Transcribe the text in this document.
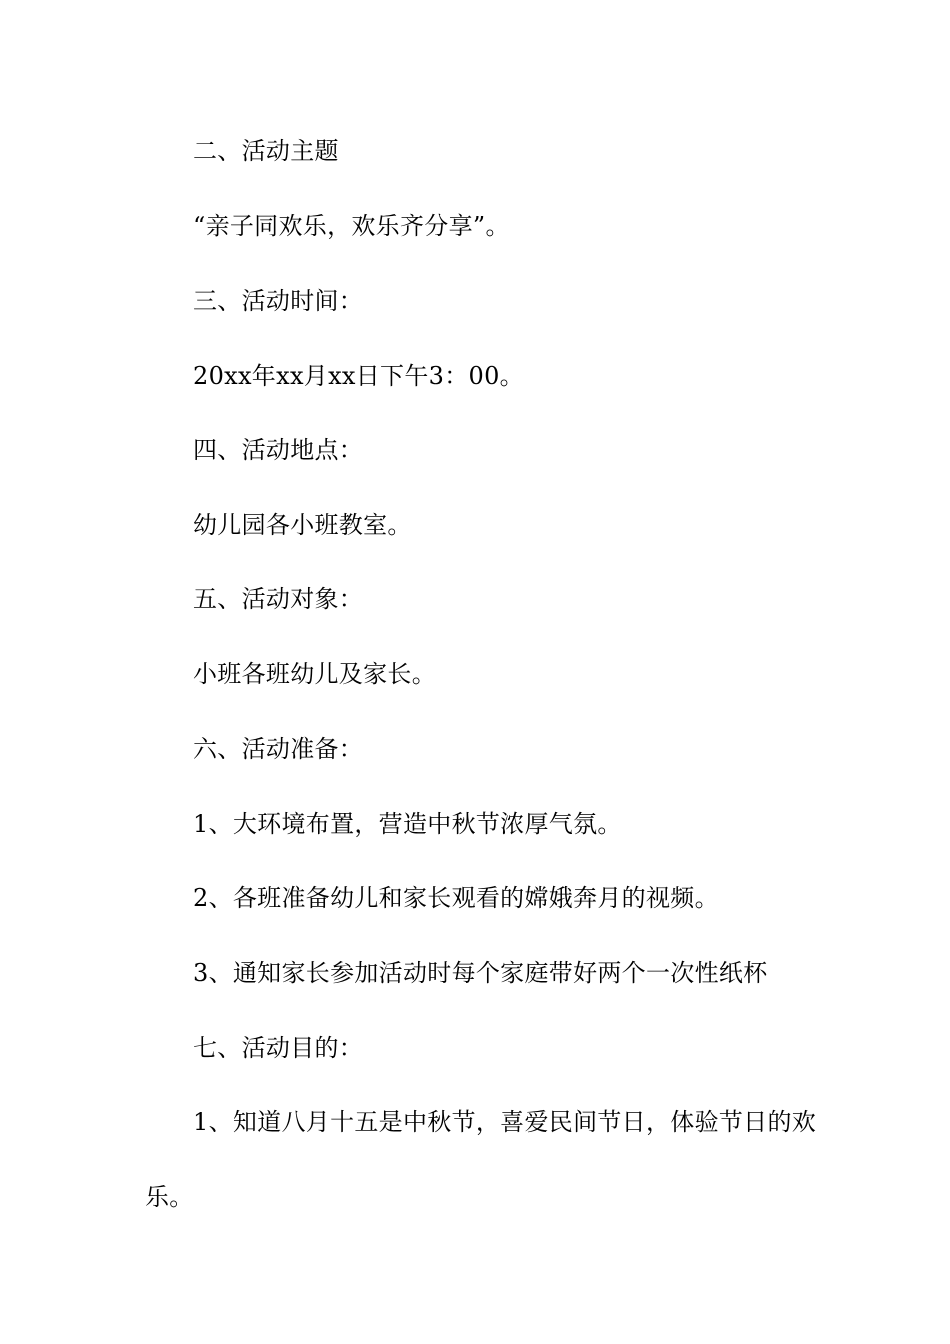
二、活动主题
“亲子同欢乐，欢乐齐分享”。
三、活动时间：
20xx年xx月xx日下午3：00。
四、活动地点：
幼儿园各小班教室。
五、活动对象：
小班各班幼儿及家长。
六、活动准备：
1、大环境布置，营造中秋节浓厚气氛。
2、各班准备幼儿和家长观看的嫦娥奔月的视频。
3、通知家长参加活动时每个家庭带好两个一次性纸杯
七、活动目的：
1、知道八月十五是中秋节，喜爱民间节日，体验节日的欢
乐。
